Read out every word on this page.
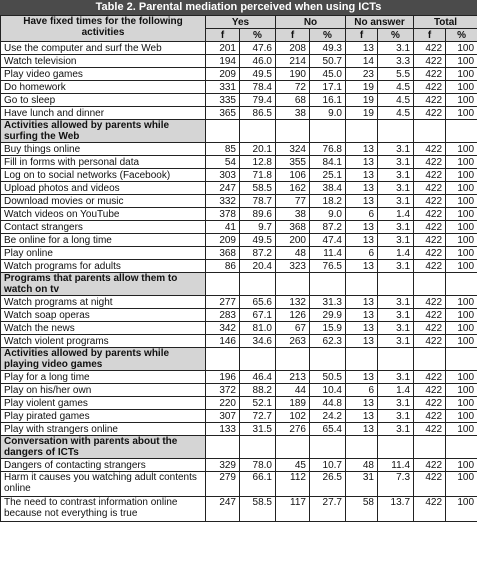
Table 2. Parental mediation perceived when using ICTs
Have fixed times for the following activities	Yes		No		No answer		Total	
	f	%	f	%	f	%	f	%
Use the computer and surf the Web	201	47.6	208	49.3	13	3.1	422	100
Watch television	194	46.0	214	50.7	14	3.3	422	100
Play video games	209	49.5	190	45.0	23	5.5	422	100
Do homework	331	78.4	72	17.1	19	4.5	422	100
Go to sleep	335	79.4	68	16.1	19	4.5	422	100
Have lunch and dinner	365	86.5	38	9.0	19	4.5	422	100
Activities allowed by parents while surfing the Web								
Buy things online	85	20.1	324	76.8	13	3.1	422	100
Fill in forms with personal data	54	12.8	355	84.1	13	3.1	422	100
Log on to social networks (Facebook)	303	71.8	106	25.1	13	3.1	422	100
Upload photos and videos	247	58.5	162	38.4	13	3.1	422	100
Download movies or music	332	78.7	77	18.2	13	3.1	422	100
Watch videos on YouTube	378	89.6	38	9.0	6	1.4	422	100
Contact strangers	41	9.7	368	87.2	13	3.1	422	100
Be online for a long time	209	49.5	200	47.4	13	3.1	422	100
Play online	368	87.2	48	11.4	6	1.4	422	100
Watch programs for adults	86	20.4	323	76.5	13	3.1	422	100
Programs that parents allow them to watch on tv								
Watch programs at night	277	65.6	132	31.3	13	3.1	422	100
Watch soap operas	283	67.1	126	29.9	13	3.1	422	100
Watch the news	342	81.0	67	15.9	13	3.1	422	100
Watch violent programs	146	34.6	263	62.3	13	3.1	422	100
Activities allowed by parents while playing video games								
Play for a long time	196	46.4	213	50.5	13	3.1	422	100
Play on his/her own	372	88.2	44	10.4	6	1.4	422	100
Play violent games	220	52.1	189	44.8	13	3.1	422	100
Play pirated games	307	72.7	102	24.2	13	3.1	422	100
Play with strangers online	133	31.5	276	65.4	13	3.1	422	100
Conversation with parents about the dangers of ICTs								
Dangers of contacting strangers	329	78.0	45	10.7	48	11.4	422	100
Harm it causes you watching adult contents online	279	66.1	112	26.5	31	7.3	422	100
The need to contrast information online because not everything is true	247	58.5	117	27.7	58	13.7	422	100
